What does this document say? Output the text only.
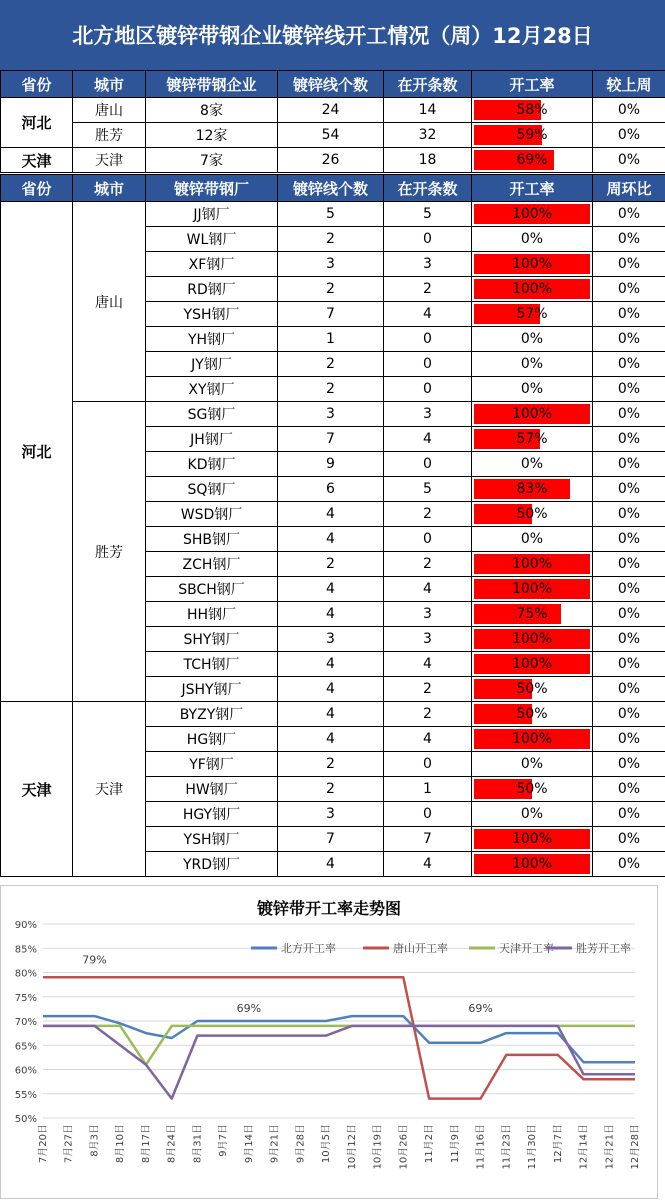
北方地区镀锌带钢企业镀锌线开工情况（周）12月28日
省份	城市	镀锌带钢企业	镀锌线个数	在开条数	开工率	较上周
河北	唐山	8家	24	14	58%	0%
	胜芳	12家	54	32	59%	0%
天津	天津	7家	26	18	69%	0%
省份	城市	镀锌带钢厂	镀锌线个数	在开条数	开工率	周环比
河北	唐山	JJ钢厂	5	5	100%	0%
		WL钢厂	2	0	0%	0%
		XF钢厂	3	3	100%	0%
		RD钢厂	2	2	100%	0%
		YSH钢厂	7	4	57%	0%
		YH钢厂	1	0	0%	0%
		JY钢厂	2	0	0%	0%
		XY钢厂	2	0	0%	0%
	胜芳	SG钢厂	3	3	100%	0%
		JH钢厂	7	4	57%	0%
		KD钢厂	9	0	0%	0%
		SQ钢厂	6	5	83%	0%
		WSD钢厂	4	2	50%	0%
		SHB钢厂	4	0	0%	0%
		ZCH钢厂	2	2	100%	0%
		SBCH钢厂	4	4	100%	0%
		HH钢厂	4	3	75%	0%
		SHY钢厂	3	3	100%	0%
		TCH钢厂	4	4	100%	0%
		JSHY钢厂	4	2	50%	0%
天津	天津	BYZY钢厂	4	2	50%	0%
		HG钢厂	4	4	100%	0%
		YF钢厂	2	0	0%	0%
		HW钢厂	2	1	50%	0%
		HGY钢厂	3	0	0%	0%
		YSH钢厂	7	7	100%	0%
		YRD钢厂	4	4	100%	0%
镀锌带开工率走势图
50%
55%
60%
65%
70%
75%
80%
85%
90%
7月20日 7月27日 8月3日 8月10日 8月17日 8月24日 8月31日 9月7日 9月14日 9月21日 9月28日 10月5日 10月12日 10月19日 10月26日 11月2日 11月9日 11月16日 11月23日 11月30日 12月7日 12月14日 12月21日 12月28日
79%
69%	69%
北方开工率	唐山开工率	天津开工率 胜芳开工率
